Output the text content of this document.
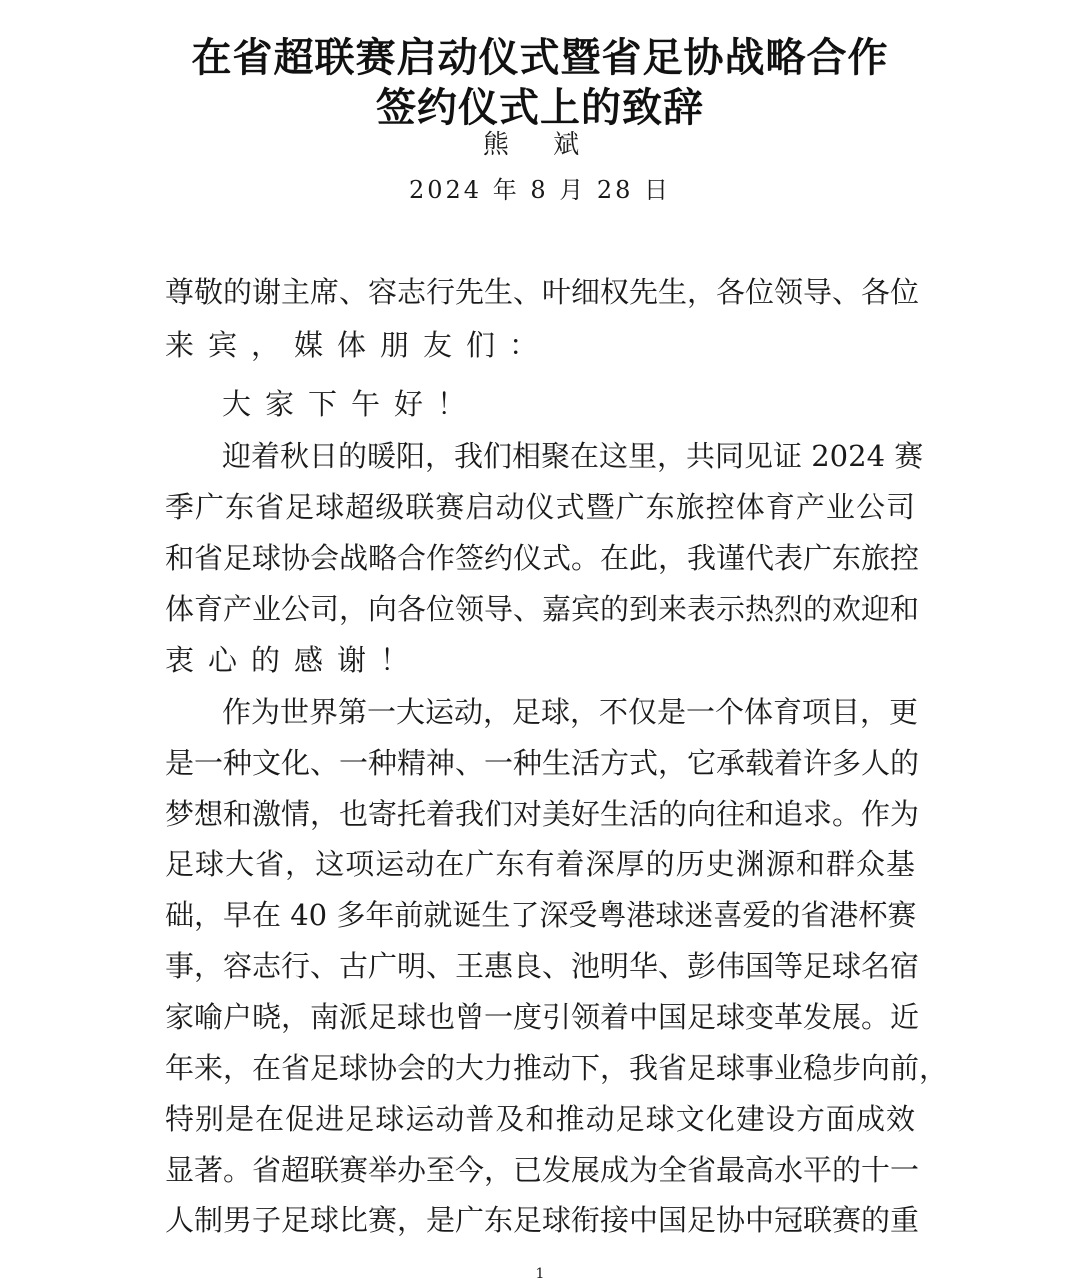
在省超联赛启动仪式暨省足协战略合作
签约仪式上的致辞
熊 斌
2024 年 8 月 28 日
尊敬的谢主席、容志行先生、叶细权先生，各位领导、各位
来宾，媒体朋友们：
大家下午好！
迎着秋日的暖阳，我们相聚在这里，共同见证 2024 赛
季广东省足球超级联赛启动仪式暨广东旅控体育产业公司
和省足球协会战略合作签约仪式。在此，我谨代表广东旅控
体育产业公司，向各位领导、嘉宾的到来表示热烈的欢迎和
衷心的感谢！
作为世界第一大运动，足球，不仅是一个体育项目，更
是一种文化、一种精神、一种生活方式，它承载着许多人的
梦想和激情，也寄托着我们对美好生活的向往和追求。作为
足球大省，这项运动在广东有着深厚的历史渊源和群众基
础，早在 40 多年前就诞生了深受粤港球迷喜爱的省港杯赛
事，容志行、古广明、王惠良、池明华、彭伟国等足球名宿
家喻户晓，南派足球也曾一度引领着中国足球变革发展。近
年来，在省足球协会的大力推动下，我省足球事业稳步向前，
特别是在促进足球运动普及和推动足球文化建设方面成效
显著。省超联赛举办至今，已发展成为全省最高水平的十一
人制男子足球比赛，是广东足球衔接中国足协中冠联赛的重
1
